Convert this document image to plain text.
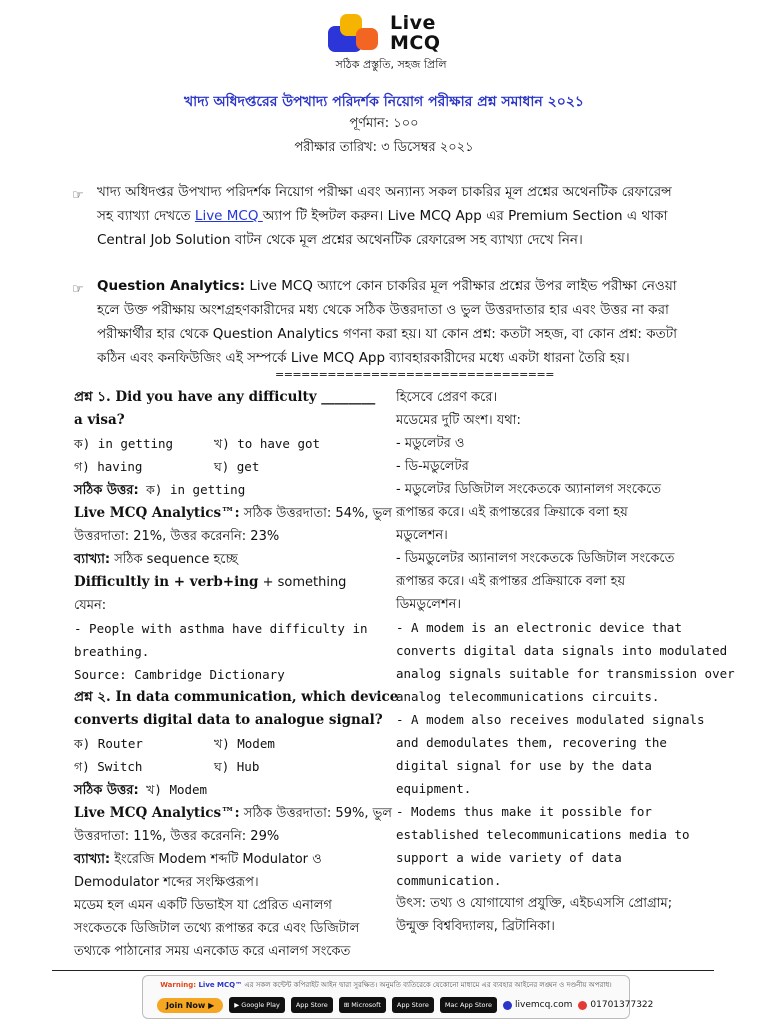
Live
MCQ
সঠিক প্রস্তুতি, সহজ প্রিলি
খাদ্য অধিদপ্তরের উপখাদ্য পরিদর্শক নিয়োগ পরীক্ষার প্রশ্ন সমাধান ২০২১
পূর্ণমান: ১০০
পরীক্ষার তারিখ: ৩ ডিসেম্বর ২০২১
☞ খাদ্য অধিদপ্তর উপখাদ্য পরিদর্শক নিয়োগ পরীক্ষা এবং অন্যান্য সকল চাকরির মূল প্রশ্নের অথেনটিক রেফারেন্স
সহ ব্যাখ্যা দেখতে Live MCQ অ্যাপ টি ইন্সটল করুন। Live MCQ App এর Premium Section এ থাকা
Central Job Solution বাটন থেকে মূল প্রশ্নের অথেনটিক রেফারেন্স সহ ব্যাখ্যা দেখে নিন।
☞ Question Analytics: Live MCQ অ্যাপে কোন চাকরির মূল পরীক্ষার প্রশ্নের উপর লাইভ পরীক্ষা নেওয়া
হলে উক্ত পরীক্ষায় অংশগ্রহণকারীদের মধ্য থেকে সঠিক উত্তরদাতা ও ভুল উত্তরদাতার হার এবং উত্তর না করা
পরীক্ষার্থীর হার থেকে Question Analytics গণনা করা হয়। যা কোন প্রশ্ন: কতটা সহজ, বা কোন প্রশ্ন: কতটা
কঠিন এবং কনফিউজিং এই সম্পর্কে Live MCQ App ব্যাবহারকারীদের মধ্যে একটা ধারনা তৈরি হয়।
================================
প্রশ্ন ১. Did you have any difficulty ________
a visa?
ক) in getting	খ) to have got
গ) having	ঘ) get
সঠিক উত্তর: ক) in getting
Live MCQ Analytics™: সঠিক উত্তরদাতা: 54%, ভুল
উত্তরদাতা: 21%, উত্তর করেননি: 23%
ব্যাখ্যা: সঠিক sequence হচ্ছে
Difficultly in + verb+ing + something
যেমন:
- People with asthma have difficulty in
breathing.
Source: Cambridge Dictionary
প্রশ্ন ২. In data communication, which device
converts digital data to analogue signal?
ক) Router	খ) Modem
গ) Switch	ঘ) Hub
সঠিক উত্তর: খ) Modem
Live MCQ Analytics™: সঠিক উত্তরদাতা: 59%, ভুল
উত্তরদাতা: 11%, উত্তর করেননি: 29%
ব্যাখ্যা: ইংরেজি Modem শব্দটি Modulator ও
Demodulator শব্দের সংক্ষিপ্তরূপ।
মডেম হল এমন একটি ডিভাইস যা প্রেরিত এনালগ
সংকেতকে ডিজিটাল তথ্যে রূপান্তর করে এবং ডিজিটাল
তথ্যকে পাঠানোর সময় এনকোড করে এনালগ সংকেত
হিসেবে প্রেরণ করে।
মডেমের দুটি অংশ। যথা:
- মডুলেটর ও
- ডি-মডুলেটর
- মডুলেটর ডিজিটাল সংকেতকে অ্যানালগ সংকেতে
রূপান্তর করে। এই রূপান্তরের ক্রিয়াকে বলা হয়
মডুলেশন।
- ডিমডুলেটর অ্যানালগ সংকেতকে ডিজিটাল সংকেতে
রূপান্তর করে। এই রূপান্তর প্রক্রিয়াকে বলা হয়
ডিমডুলেশন।
- A modem is an electronic device that
converts digital data signals into modulated
analog signals suitable for transmission over
analog telecommunications circuits.
- A modem also receives modulated signals
and demodulates them, recovering the
digital signal for use by the data
equipment.
- Modems thus make it possible for
established telecommunications media to
support a wide variety of data
communication.
উৎস: তথ্য ও যোগাযোগ প্রযুক্তি, এইচএসসি প্রোগ্রাম;
উন্মুক্ত বিশ্ববিদ্যালয়, ব্রিটানিকা।
Warning: Live MCQ™ এর সকল কন্টেন্ট কপিরাইট আইন দ্বারা সুরক্ষিত। অনুমতি ব্যতিরেকে যেকোনো মাধ্যমে এর ব্যবহার আইনের লঙ্ঘন ও দণ্ডনীয় অপরাধ।
Join Now ▶	▶ Google Play	App Store	⊞ Microsoft	App Store	Mac App Store	livemcq.com 01701377322
